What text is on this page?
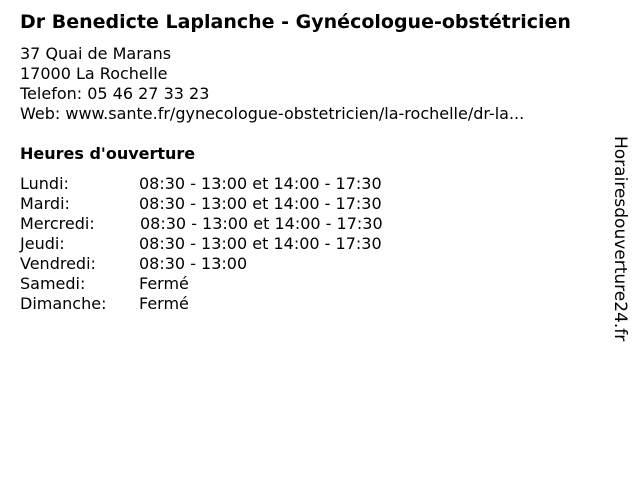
Dr Benedicte Laplanche - Gynécologue-obstétricien
37 Quai de Marans
17000 La Rochelle
Telefon: 05 46 27 33 23
Web: www.sante.fr/gynecologue-obstetricien/la-rochelle/dr-la...
Heures d'ouverture
Lundi:	08:30 - 13:00 et 14:00 - 17:30
Mardi:	08:30 - 13:00 et 14:00 - 17:30
Mercredi:	08:30 - 13:00 et 14:00 - 17:30
Jeudi:	08:30 - 13:00 et 14:00 - 17:30
Vendredi:	08:30 - 13:00
Samedi:	Fermé
Dimanche: Fermé	Horairesdouverture24.fr
